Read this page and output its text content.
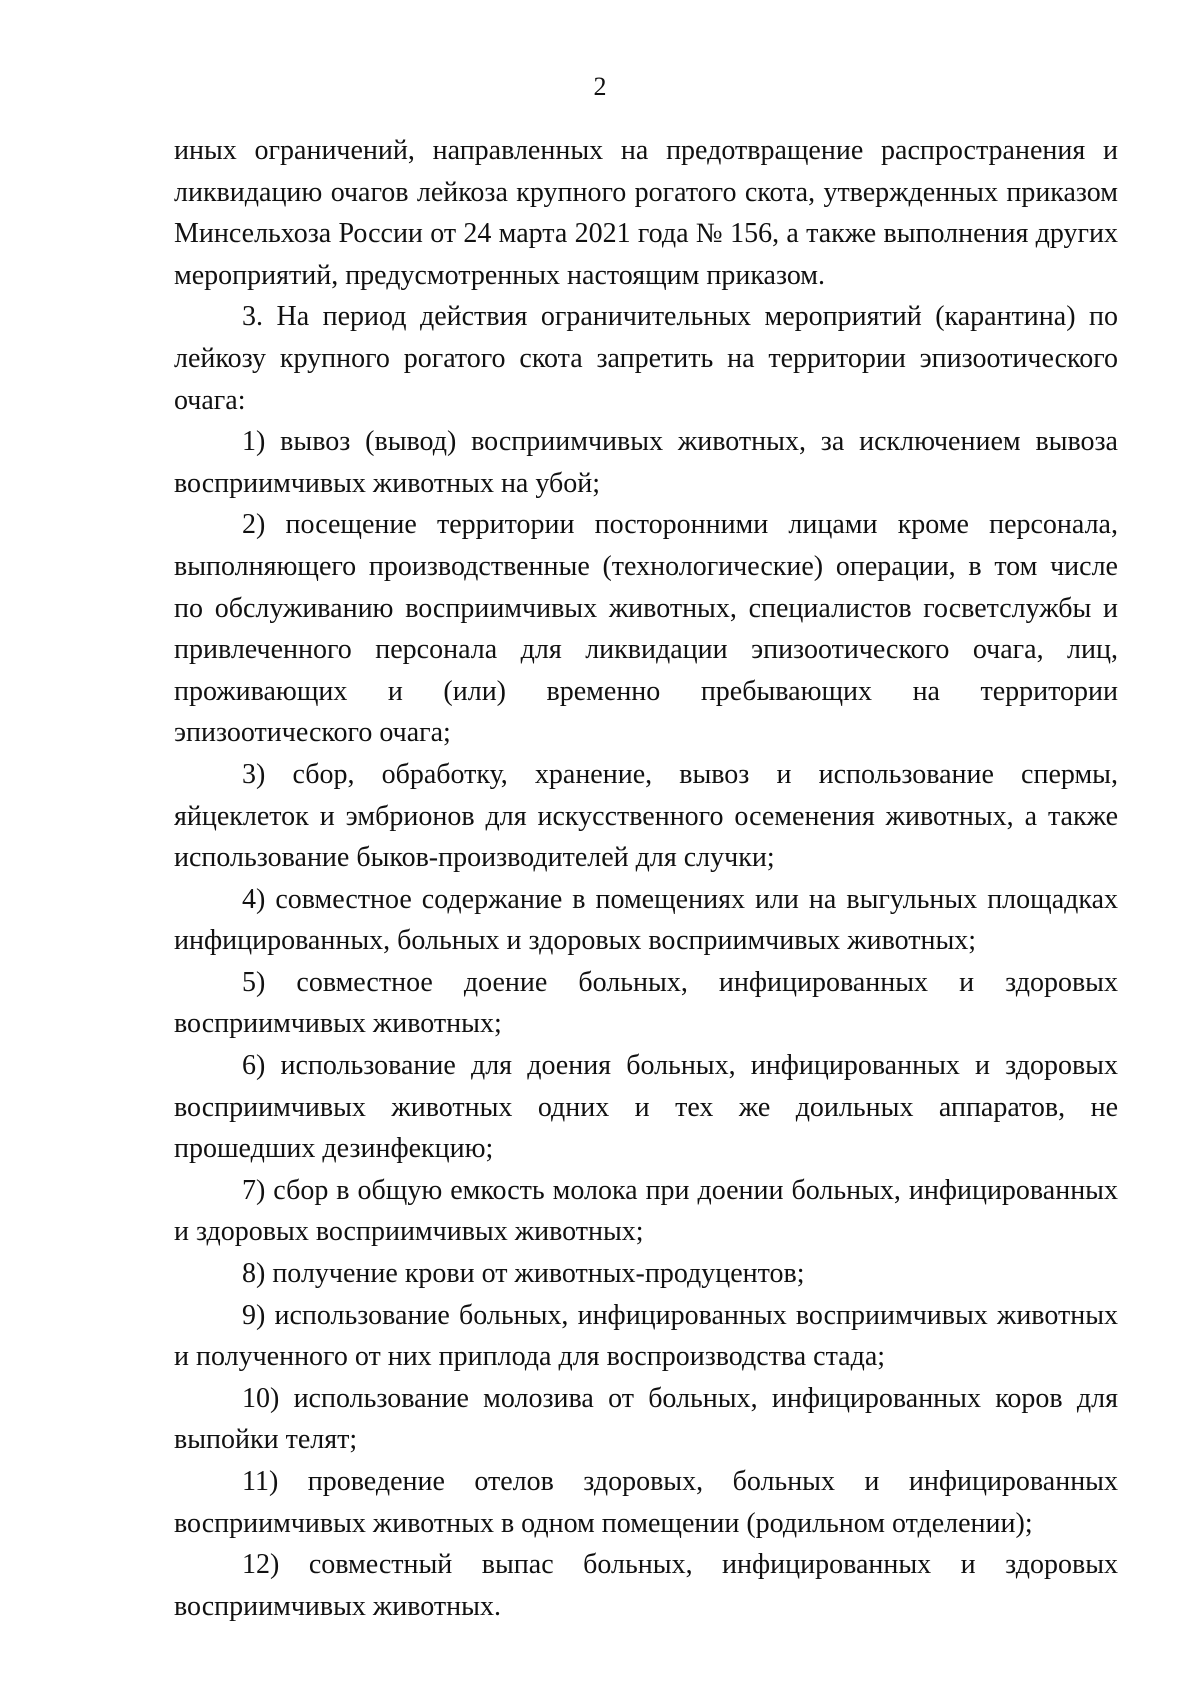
2

иных ограничений, направленных на предотвращение распространения и ликвидацию очагов лейкоза крупного рогатого скота, утвержденных приказом Минсельхоза России от 24 марта 2021 года № 156, а также выполнения других мероприятий, предусмотренных настоящим приказом.

3. На период действия ограничительных мероприятий (карантина) по лейкозу крупного рогатого скота запретить на территории эпизоотического очага:

1) вывоз (вывод) восприимчивых животных, за исключением вывоза восприимчивых животных на убой;

2) посещение территории посторонними лицами кроме персонала, выполняющего производственные (технологические) операции, в том числе по обслуживанию восприимчивых животных, специалистов госветслужбы и привлеченного персонала для ликвидации эпизоотического очага, лиц, проживающих и (или) временно пребывающих на территории эпизоотического очага;

3) сбор, обработку, хранение, вывоз и использование спермы, яйцеклеток и эмбрионов для искусственного осеменения животных, а также использование быков-производителей для случки;

4) совместное содержание в помещениях или на выгульных площадках инфицированных, больных и здоровых восприимчивых животных;

5) совместное доение больных, инфицированных и здоровых восприимчивых животных;

6) использование для доения больных, инфицированных и здоровых восприимчивых животных одних и тех же доильных аппаратов, не прошедших дезинфекцию;

7) сбор в общую емкость молока при доении больных, инфицированных и здоровых восприимчивых животных;

8) получение крови от животных-продуцентов;

9) использование больных, инфицированных восприимчивых животных и полученного от них приплода для воспроизводства стада;

10) использование молозива от больных, инфицированных коров для выпойки телят;

11) проведение отелов здоровых, больных и инфицированных восприимчивых животных в одном помещении (родильном отделении);

12) совместный выпас больных, инфицированных и здоровых восприимчивых животных.
